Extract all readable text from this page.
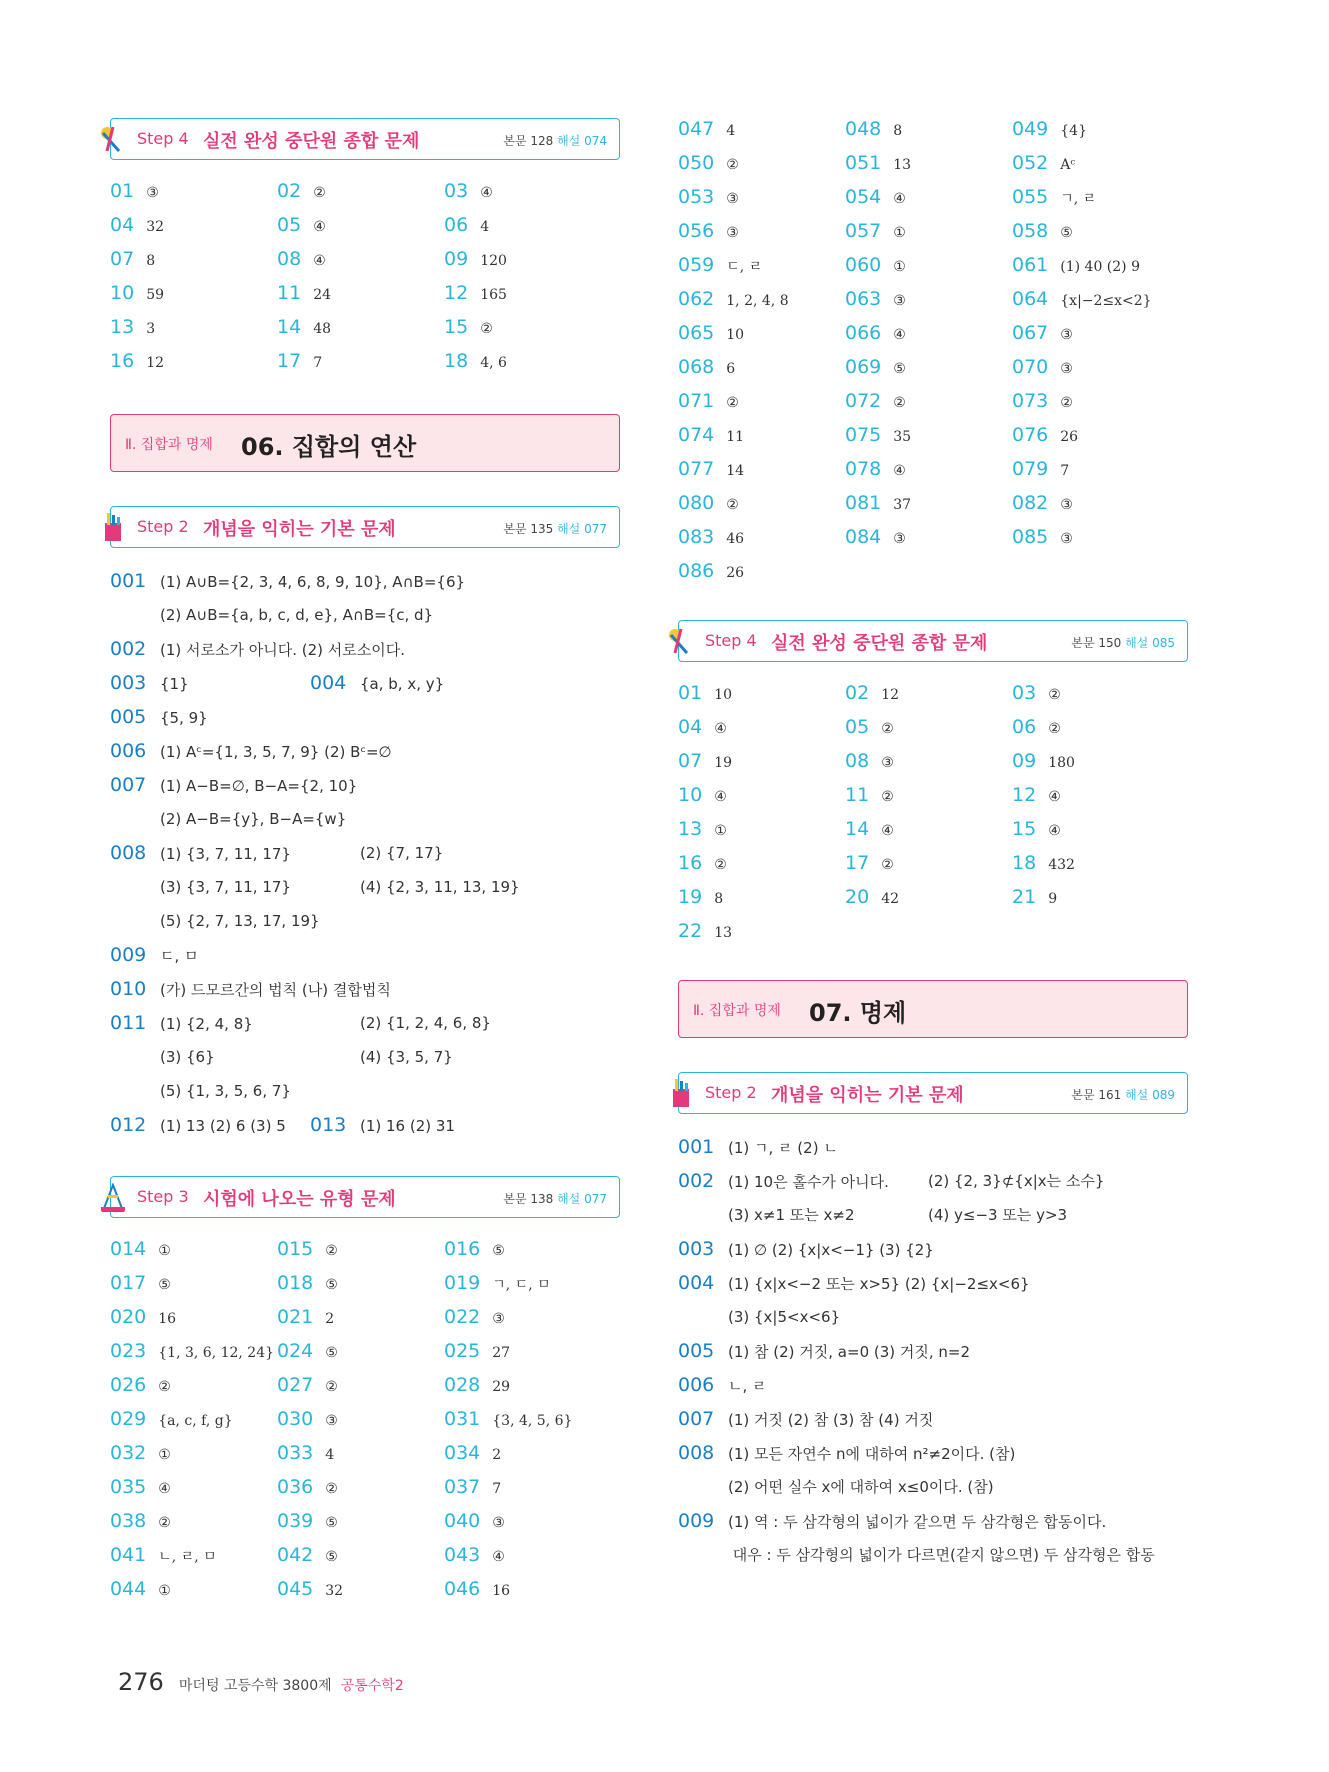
Step 4 실전 완성 중단원 종합 문제	본문 128 해설 074
01 ③	02 ②	03 ④
04 32	05 ④	06 4
07 8	08 ④	09 120
10 59	11 24	12 165
13 3	14 48	15 ②
16 12	17 7	18 4, 6
Ⅱ. 집합과 명제 06. 집합의 연산
Step 2 개념을 익히는 기본 문제	본문 135 해설 077
001 (1) A∪B={2, 3, 4, 6, 8, 9, 10}, A∩B={6}
(2) A∪B={a, b, c, d, e}, A∩B={c, d}
002 (1) 서로소가 아니다. (2) 서로소이다.
003 {1}	004 {a, b, x, y}
005 {5, 9}
006 (1) Aᶜ={1, 3, 5, 7, 9} (2) Bᶜ=∅
007 (1) A−B=∅, B−A={2, 10}
(2) A−B={y}, B−A={w}
008 (1) {3, 7, 11, 17}	(2) {7, 17}
(3) {3, 7, 11, 17}	(4) {2, 3, 11, 13, 19}
(5) {2, 7, 13, 17, 19}
009 ㄷ, ㅁ
010 (가) 드모르간의 법칙 (나) 결합법칙
011 (1) {2, 4, 8}	(2) {1, 2, 4, 6, 8}
(3) {6}	(4) {3, 5, 7}
(5) {1, 3, 5, 6, 7}
012 (1) 13 (2) 6 (3) 5 013 (1) 16 (2) 31
Step 3 시험에 나오는 유형 문제	본문 138 해설 077
014 ①	015 ②	016 ⑤
017 ⑤	018 ⑤	019 ㄱ, ㄷ, ㅁ
020 16	021 2	022 ③
023 {1, 3, 6, 12, 24} 024 ⑤	025 27
026 ②	027 ②	028 29
029 {a, c, f, g} 030 ③	031 {3, 4, 5, 6}
032 ①	033 4	034 2
035 ④	036 ②	037 7
038 ②	039 ⑤	040 ③
041 ㄴ, ㄹ, ㅁ	042 ⑤	043 ④
044 ①	045 32	046 16
047 4	048 8	049 {4}
050 ②	051 13	052 Aᶜ
053 ③	054 ④	055 ㄱ, ㄹ
056 ③	057 ①	058 ⑤
059 ㄷ, ㄹ	060 ①	061 (1) 40 (2) 9
062 1, 2, 4, 8	063 ③	064 {x|−2≤x<2}
065 10	066 ④	067 ③
068 6	069 ⑤	070 ③
071 ②	072 ②	073 ②
074 11	075 35	076 26
077 14	078 ④	079 7
080 ②	081 37	082 ③
083 46	084 ③	085 ③
086 26
Step 4 실전 완성 중단원 종합 문제	본문 150 해설 085
01 10	02 12	03 ②
04 ④	05 ②	06 ②
07 19	08 ③	09 180
10 ④	11 ②	12 ④
13 ①	14 ④	15 ④
16 ②	17 ②	18 432
19 8	20 42	21 9
22 13
Ⅱ. 집합과 명제 07. 명제
Step 2 개념을 익히는 기본 문제	본문 161 해설 089
001 (1) ㄱ, ㄹ (2) ㄴ
002 (1) 10은 홀수가 아니다.	(2) {2, 3}⊄{x|x는 소수}
(3) x≠1 또는 x≠2	(4) y≤−3 또는 y>3
003 (1) ∅ (2) {x|x<−1} (3) {2}
004 (1) {x|x<−2 또는 x>5} (2) {x|−2≤x<6}
(3) {x|5<x<6}
005 (1) 참 (2) 거짓, a=0 (3) 거짓, n=2
006 ㄴ, ㄹ
007 (1) 거짓 (2) 참 (3) 참 (4) 거짓
008 (1) 모든 자연수 n에 대하여 n²≠2이다. (참)
(2) 어떤 실수 x에 대하여 x≤0이다. (참)
009 (1) 역 : 두 삼각형의 넓이가 같으면 두 삼각형은 합동이다.
대우 : 두 삼각형의 넓이가 다르면(같지 않으면) 두 삼각형은 합동
276 마더텅 고등수학 3800제 공통수학2
